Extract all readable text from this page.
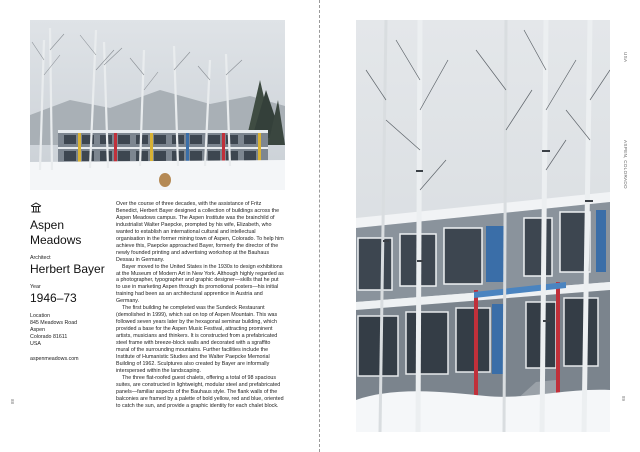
Aspen Meadows
Architect
Herbert Bayer
Year
1946–73
Location
845 Meadows Road
Aspen
Colorado 81611
USA
aspenmeadows.com

Over the course of three decades, with the assistance of Fritz Benedict, Herbert Bayer designed a collection of buildings across the Aspen Meadows campus. The Aspen Institute was the brainchild of industrialist Walter Paepcke, prompted by his wife, Elizabeth, who wanted to establish an international cultural and intellectual organisation in the former mining town of Aspen, Colorado. To help him achieve this, Paepcke approached Bayer, formerly the director of the newly founded printing and advertising workshop at the Bauhaus Dessau in Germany.

Bayer moved to the United States in the 1930s to design exhibitions at the Museum of Modern Art in New York. Although highly regarded as a photographer, typographer and graphic designer—skills that he put to use in marketing Aspen through its promotional posters—his initial training had been as an architectural apprentice in Austria and Germany.

The first building he completed was the Sundeck Restaurant (demolished in 1999), which sat on top of Aspen Mountain. This was followed seven years later by the hexagonal seminar building, which provided a base for the Aspen Music Festival, attracting prominent artists, musicians and thinkers. It is constructed from a prefabricated steel frame with breeze-block walls and decorated with a sgraffito mural of the surrounding mountains. Further facilities include the Institute of Humanistic Studies and the Walter Paepcke Memorial Building of 1962. Sculptures also created by Bayer are informally interspersed within the landscaping.

The three flat-roofed guest chalets, offering a total of 98 spacious suites, are constructed in lightweight, modular steel and prefabricated panels—familiar aspects of the Bauhaus style. The flank walls of the balconies are framed by a palette of bold yellow, red and blue, oriented to catch the sun, and provide a graphic identity for each chalet block.

88
89
USA
ASPEN, COLORADO
